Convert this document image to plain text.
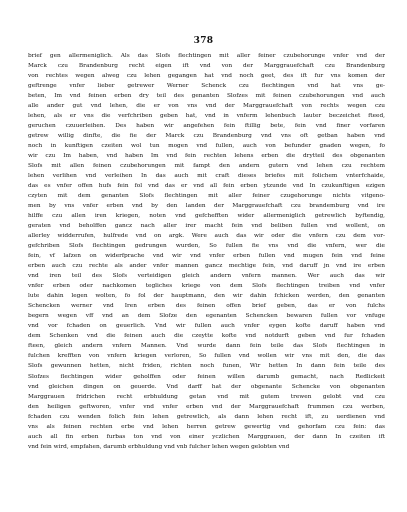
378
brief gen allermeniglich. Als das Slofs flechtingen mit aller feiner czubehorunge vnfer vnd der
Marck czu Brandenburg recht eigen ift vnd von der Marggrauefchaft czu Brandenburg
von rechtes wegen alweg czu lehen gegangen hat vnd noch geet, des ift fur vns komen der
geftrenge vnfer lieber getrewer Werner Schenck czu flechtingen vnd hat vns ge-
beten, Im vnd feinen erben dry teil des genanten Slofzes mit feinen czubehorungen vnd auch
alle ander gut vnd lehen, die er von vns vnd der Marggrauefchaft von rechts wegen czu
lehen, als er vns die verfchriben geben hat, vnd in vnferm lehenbuch lauter beczeichet fteed,
geruchen czuuerleihen. Des haben wir angefehen fein ftillig bete, fein vnd finer vorfaren
getrew willig dinfte, die fie der Marck czu Brandenburg vnd vns oft getban haben vnd
noch in kunftigen czeiten wol tun mogen vnd fullen, auch von befunder gnaden wegen, fo
wir czu Im haben, vnd haben Im vnd fein rechten lehens erben die drytteil des obgenanten
Slofs mit allen feinen czubehorungen mit fampt den andern gutern vnd lehen czu rechtem
lehen verlihen vnd verleihen In das auch mit craft dieses briefes mit folichem vnterfchaide,
das es vnfer offen hufs fein fol vnd das er vnd all fein erben ytzunde vnd In czukunftigen ezigen
czyten mit dem genanten Slofs flechtingen mit aller feiner czugehorunge nichts vitgeno-
men by vns vnfer erben vnd by den landen der Marggrauefchaft czu brandemburg vnd ire
hilffe czu allen iren kriegen, noten vnd gefchefften wider allermeniglich getrewlich byftendig,
geraten vnd beholffen gancz nach aller irer macht fein vnd beliben fullen vnd wollent, on
allerley widderrufen, hulfrede vnd on argk. Were auch das wir oder die vnfern czu dem vor-
gefchriben Slofs flechtingen gedrungen wurden, So fullen fie vns vnd die vnfern, wer die
fein, vf lafzen on widerfprache vnd wir vnd vnfer erben fullen vnd mugen fein vnd feine
erben auch czu rechte als ander vnfer mannen gancz mechtige fein, vnd daruff jn vnd ire erben
vnd iren teil des Slofs verteidigen gleich andern vnfern mannen. Wer auch das wir
vnfer erben oder nachkomen tegliches kriege von dem Slofs flechtingen treiben vnd vnfer
lute dahin legen wolten, fo fol der hauptmann, den wir dahin fchicken werden, den genanten
Schencken werner vnd Iren erben des feinen offen brief geben, das er von fulchs
begern wegen vff vnd an dem Slofze den egenanten Schencken bewaren fullen vor vnfuge
vnd vor fchaden on geuerlich. Vnd wir fullen auch vnfer eygen kofte daruff haben vnd
dem Schenken vnd die feinen auch die czeytte kofte vnd notdurft geben vnd fur fchaden
fteen, gleich andern vnfern Mannen. Vnd wurde dann fein teile das Slofs flechtingen in
fulchen krefften von vnfern kriegen verloren, So fullen vnd wollen wir vns mit den, die das
Slofs gewunnen hetten, nicht friden, richten noch funen, Wir hetten In dann fein teile des
Slofzes flechtingen wider geholffen oder feinen willen darumb gemacht, nach Redlickeit
vnd gleichen dingen on geuerde. Vnd darff hat der obgenante Schencke von obgenanten
Marggrauen fridrichen recht erbhuldung getan vnd mit gutem trewen gelobt vnd czu
den heiligen geftworen, vnfer vnd vnfer erben vnd der Marggrauefchaft frummen czu werben,
fchaden czu wenden folich fein lehen getrewlich, als dann lehen recht ift, zu uerdienen vnd
vns als feinen rechten erbe vnd lehen herren getrew gewertig vnd gehorfam czu fein: das
auch all fin erben furbas ton vnd von einer yczlichen Marggrauen, der dann In czeiten ift
vnd fein wird, empfahen, darumb erbhuldung vnd vnb fulcher lehen wegen gelobten vnd
